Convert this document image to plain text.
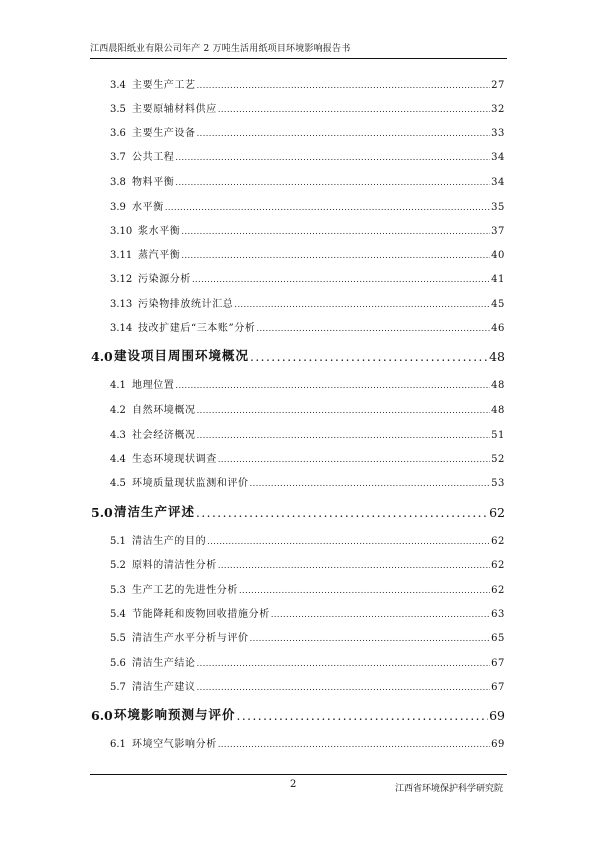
江西晨阳纸业有限公司年产 2 万吨生活用纸项目环境影响报告书
3.4 主要生产工艺 .....	27
3.5 主要原辅材料供应 .....	32
3.6 主要生产设备 .....	33
3.7 公共工程 .....	34
3.8 物料平衡 .....	34
3.9 水平衡 .....	35
3.10 浆水平衡 .....	37
3.11 蒸汽平衡 .....	40
3.12 污染源分析 .....	41
3.13 污染物排放统计汇总 .....	45
3.14 技改扩建后“三本账”分析 .....	46
4.0 建设项目周围环境概况 .....	48
4.1 地理位置 .....	48
4.2 自然环境概况 .....	48
4.3 社会经济概况 .....	51
4.4 生态环境现状调查 .....	52
4.5 环境质量现状监测和评价 .....	53
5.0 清洁生产评述 .....	62
5.1 清洁生产的目的 .....	62
5.2 原料的清洁性分析 .....	62
5.3 生产工艺的先进性分析 .....	62
5.4 节能降耗和废物回收措施分析 .....	63
5.5 清洁生产水平分析与评价 .....	65
5.6 清洁生产结论 .....	67
5.7 清洁生产建议 .....	67
6.0 环境影响预测与评价 .....	69
6.1 环境空气影响分析 .....	69
2	江西省环境保护科学研究院
